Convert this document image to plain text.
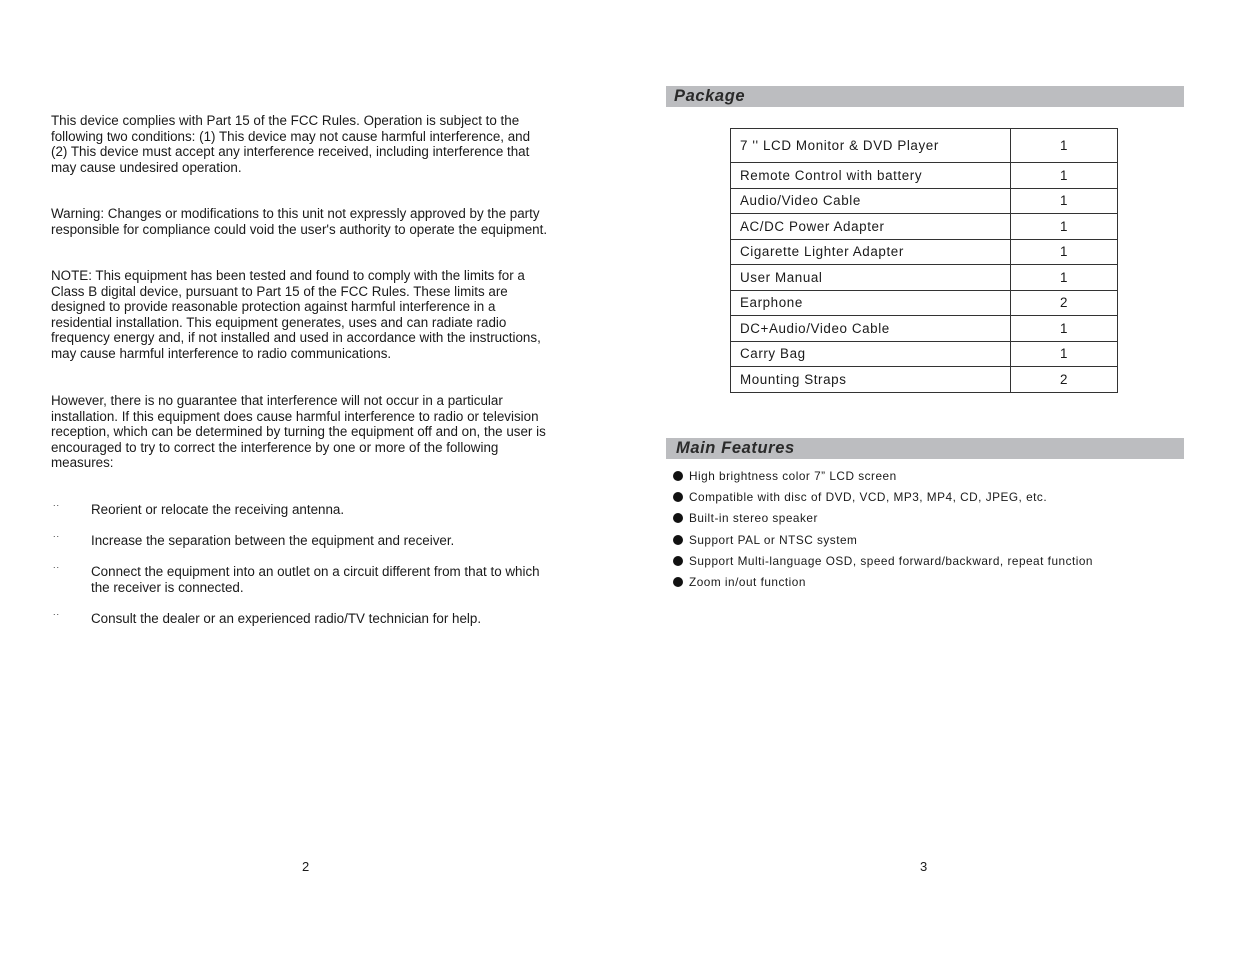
This device complies with Part 15 of the FCC Rules. Operation is subject to the
following two conditions: (1) This device may not cause harmful interference, and
(2) This device must accept any interference received, including interference that
may cause undesired operation.

Warning: Changes or modifications to this unit not expressly approved by the party
responsible for compliance could void the user's authority to operate the equipment.

NOTE: This equipment has been tested and found to comply with the limits for a
Class B digital device, pursuant to Part 15 of the FCC Rules. These limits are
designed to provide reasonable protection against harmful interference in a
residential installation. This equipment generates, uses and can radiate radio
frequency energy and, if not installed and used in accordance with the instructions,
may cause harmful interference to radio communications.

However, there is no guarantee that interference will not occur in a particular
installation. If this equipment does cause harmful interference to radio or television
reception, which can be determined by turning the equipment off and on, the user is
encouraged to try to correct the interference by one or more of the following
measures:

.. Reorient or relocate the receiving antenna.
.. Increase the separation between the equipment and receiver.
.. Connect the equipment into an outlet on a circuit different from that to which
the receiver is connected.
.. Consult the dealer or an experienced radio/TV technician for help.
2
Package
7 '' LCD Monitor & DVD Player	1
Remote Control with battery	1
Audio/Video Cable	1
AC/DC Power Adapter	1
Cigarette Lighter Adapter	1
User Manual	1
Earphone	2
DC+Audio/Video Cable	1
Carry Bag	1
Mounting Straps	2
Main Features
High brightness color 7” LCD screen
Compatible with disc of DVD, VCD, MP3, MP4, CD, JPEG, etc.
Built-in stereo speaker
Support PAL or NTSC system
Support Multi-language OSD, speed forward/backward, repeat function
Zoom in/out function
3
